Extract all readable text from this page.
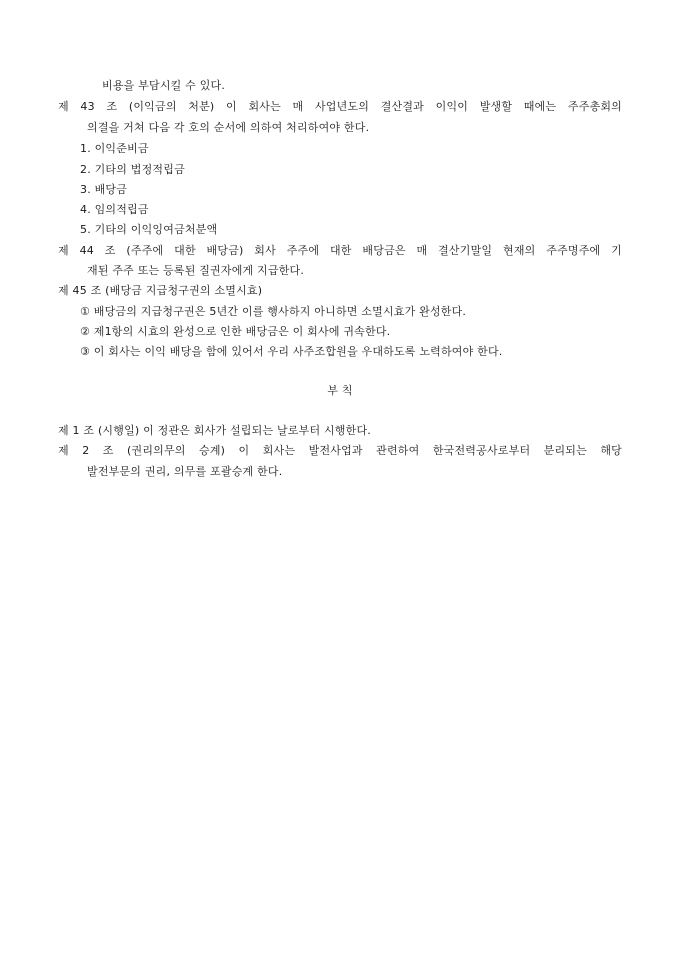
비용을 부담시킬 수 있다.
제 43 조 (이익금의 처분) 이 회사는 매 사업년도의 결산결과 이익이 발생할 때에는 주주총회의
의결을 거쳐 다음 각 호의 순서에 의하여 처리하여야 한다.
1. 이익준비금
2. 기타의 법정적립금
3. 배당금
4. 임의적립금
5. 기타의 이익잉여금처분액
제 44 조 (주주에 대한 배당금) 회사 주주에 대한 배당금은 매 결산기말일 현재의 주주명주에 기
재된 주주 또는 등록된 질권자에게 지급한다.
제 45 조 (배당금 지급청구권의 소멸시효)
① 배당금의 지급청구권은 5년간 이를 행사하지 아니하면 소멸시효가 완성한다.
② 제1항의 시효의 완성으로 인한 배당금은 이 회사에 귀속한다.
③ 이 회사는 이익 배당을 함에 있어서 우리 사주조합원을 우대하도록 노력하여야 한다.
부 칙
제 1 조 (시행일) 이 정관은 회사가 설립되는 날로부터 시행한다.
제 2 조 (권리의무의 승계) 이 회사는 발전사업과 관련하여 한국전력공사로부터 분리되는 해당
발전부문의 권리, 의무를 포괄승계 한다.
